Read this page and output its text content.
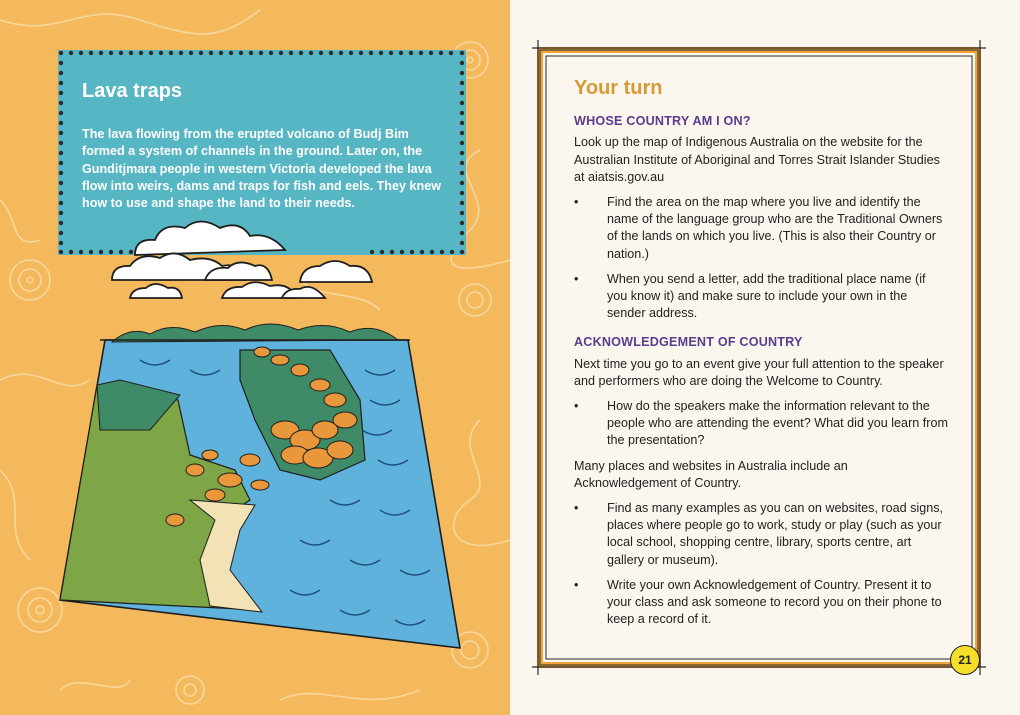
Lava traps

The lava flowing from the erupted volcano of Budj Bim formed a system of channels in the ground. Later on, the Gunditjmara people in western Victoria developed the lava flow into weirs, dams and traps for fish and eels. They knew how to use and shape the land to their needs.

Your turn
WHOSE COUNTRY AM I ON?
Look up the map of Indigenous Australia on the website for the Australian Institute of Aboriginal and Torres Strait Islander Studies at aiatsis.gov.au
• Find the area on the map where you live and identify the name of the language group who are the Traditional Owners of the lands on which you live. (This is also their Country or nation.)
• When you send a letter, add the traditional place name (if you know it) and make sure to include your own in the sender address.
ACKNOWLEDGEMENT OF COUNTRY
Next time you go to an event give your full attention to the speaker and performers who are doing the Welcome to Country.
• How do the speakers make the information relevant to the people who are attending the event? What did you learn from the presentation?
Many places and websites in Australia include an Acknowledgement of Country.
• Find as many examples as you can on websites, road signs, places where people go to work, study or play (such as your local school, shopping centre, library, sports centre, art gallery or museum).
• Write your own Acknowledgement of Country. Present it to your class and ask someone to record you on their phone to keep a record of it.
21
